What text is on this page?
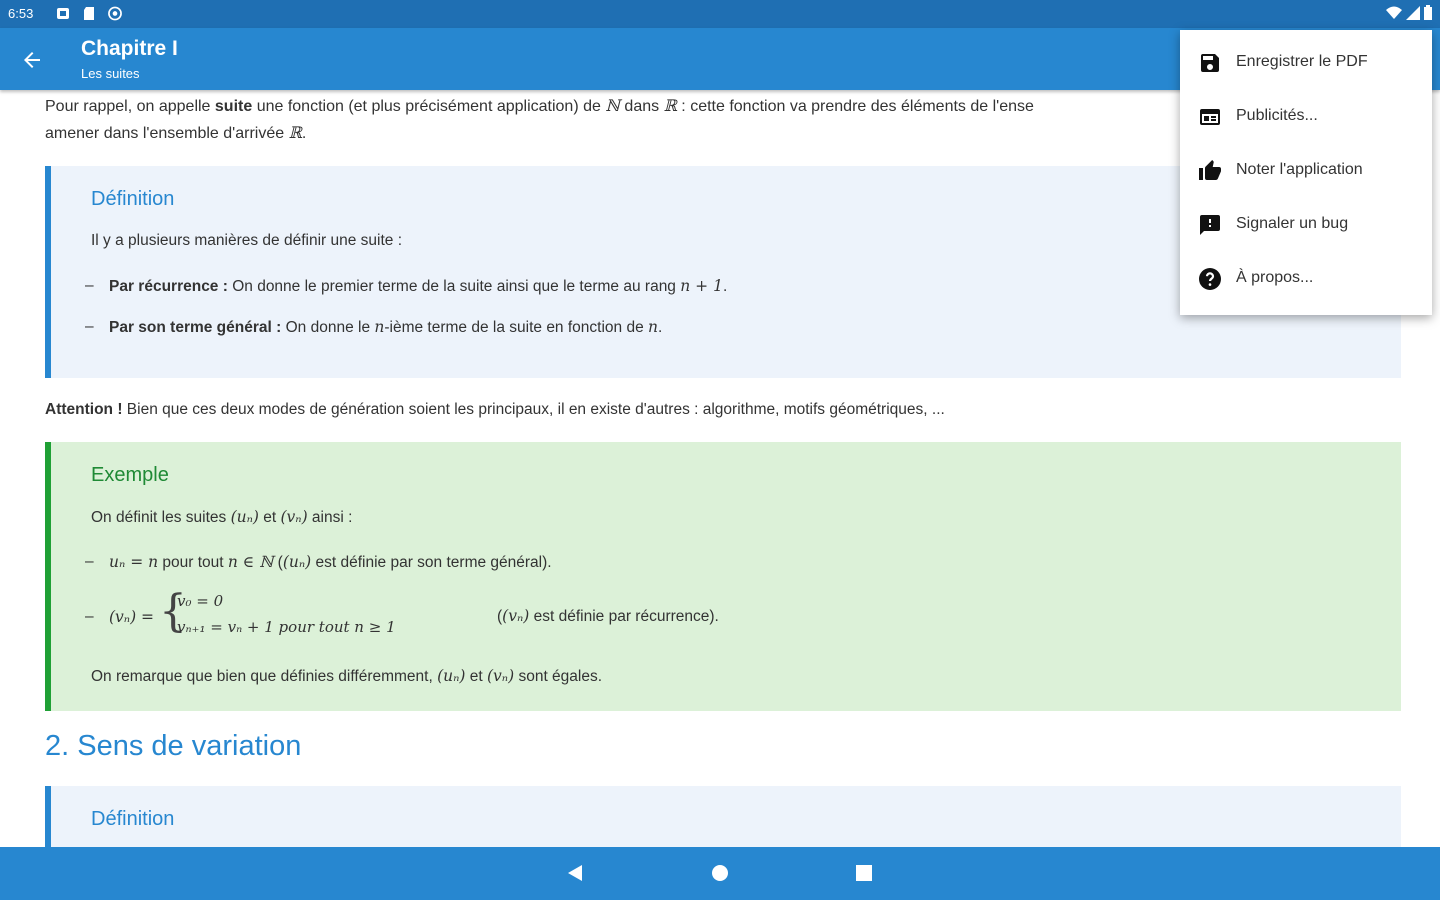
6:53
Chapitre I
Les suites
Pour rappel, on appelle suite une fonction (et plus précisément application) de ℕ dans ℝ : cette fonction va prendre des éléments de l'ense
amener dans l'ensemble d'arrivée ℝ.
Définition
Il y a plusieurs manières de définir une suite :
– Par récurrence : On donne le premier terme de la suite ainsi que le terme au rang n + 1.
– Par son terme général : On donne le n-ième terme de la suite en fonction de n.
Attention ! Bien que ces deux modes de génération soient les principaux, il en existe d'autres : algorithme, motifs géométriques, ...
Exemple
On définit les suites (uₙ) et (vₙ) ainsi :
– uₙ = n pour tout n ∈ ℕ ((uₙ) est définie par son terme général).
– (vₙ) = {
v₀ = 0
vₙ₊₁ = vₙ + 1 pour tout n ≥ 1
((vₙ) est définie par récurrence).
On remarque que bien que définies différemment, (uₙ) et (vₙ) sont égales.
2. Sens de variation
Définition
Enregistrer le PDF
Publicités...
Noter l'application
Signaler un bug
À propos...
